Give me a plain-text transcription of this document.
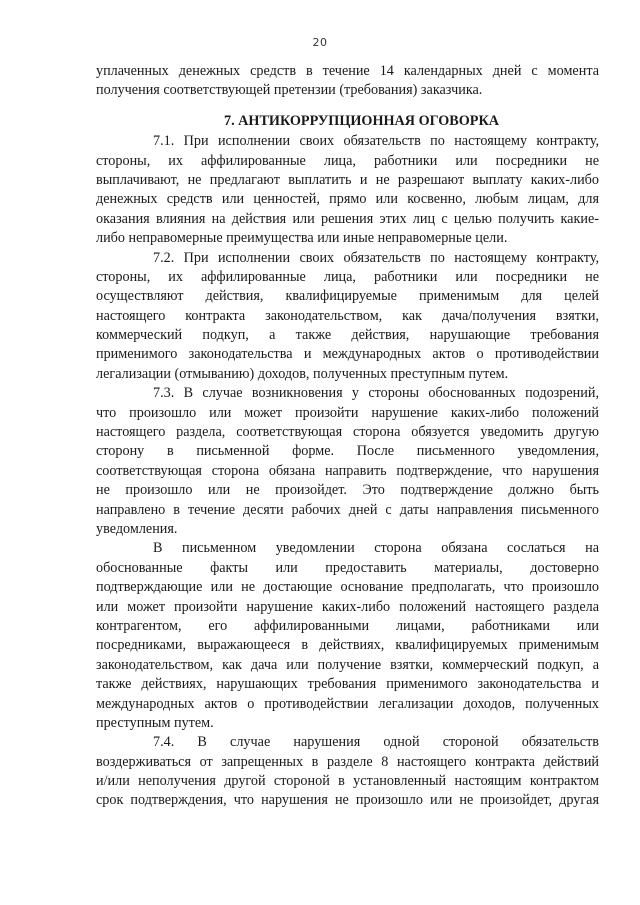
20
уплаченных денежных средств в течение 14 календарных дней с момента
получения соответствующей претензии (требования) заказчика.
7. АНТИКОРРУПЦИОННАЯ ОГОВОРКА
7.1. При исполнении своих обязательств по настоящему контракту,
стороны, их аффилированные лица, работники или посредники не
выплачивают, не предлагают выплатить и не разрешают выплату каких-либо
денежных средств или ценностей, прямо или косвенно, любым лицам, для
оказания влияния на действия или решения этих лиц с целью получить какие-
либо неправомерные преимущества или иные неправомерные цели.
7.2. При исполнении своих обязательств по настоящему контракту,
стороны, их аффилированные лица, работники или посредники не
осуществляют действия, квалифицируемые применимым для целей
настоящего контракта законодательством, как дача/получения взятки,
коммерческий подкуп, а также действия, нарушающие требования
применимого законодательства и международных актов о противодействии
легализации (отмыванию) доходов, полученных преступным путем.
7.3. В случае возникновения у стороны обоснованных подозрений,
что произошло или может произойти нарушение каких-либо положений
настоящего раздела, соответствующая сторона обязуется уведомить другую
сторону в письменной форме. После письменного уведомления,
соответствующая сторона обязана направить подтверждение, что нарушения
не произошло или не произойдет. Это подтверждение должно быть
направлено в течение десяти рабочих дней с даты направления письменного
уведомления.
В письменном уведомлении сторона обязана сослаться на
обоснованные факты или предоставить материалы, достоверно
подтверждающие или не достающие основание предполагать, что произошло
или может произойти нарушение каких-либо положений настоящего раздела
контрагентом, его аффилированными лицами, работниками или
посредниками, выражающееся в действиях, квалифицируемых применимым
законодательством, как дача или получение взятки, коммерческий подкуп, а
также действиях, нарушающих требования применимого законодательства и
международных актов о противодействии легализации доходов, полученных
преступным путем.
7.4. В случае нарушения одной стороной обязательств
воздерживаться от запрещенных в разделе 8 настоящего контракта действий
и/или неполучения другой стороной в установленный настоящим контрактом
срок подтверждения, что нарушения не произошло или не произойдет, другая
